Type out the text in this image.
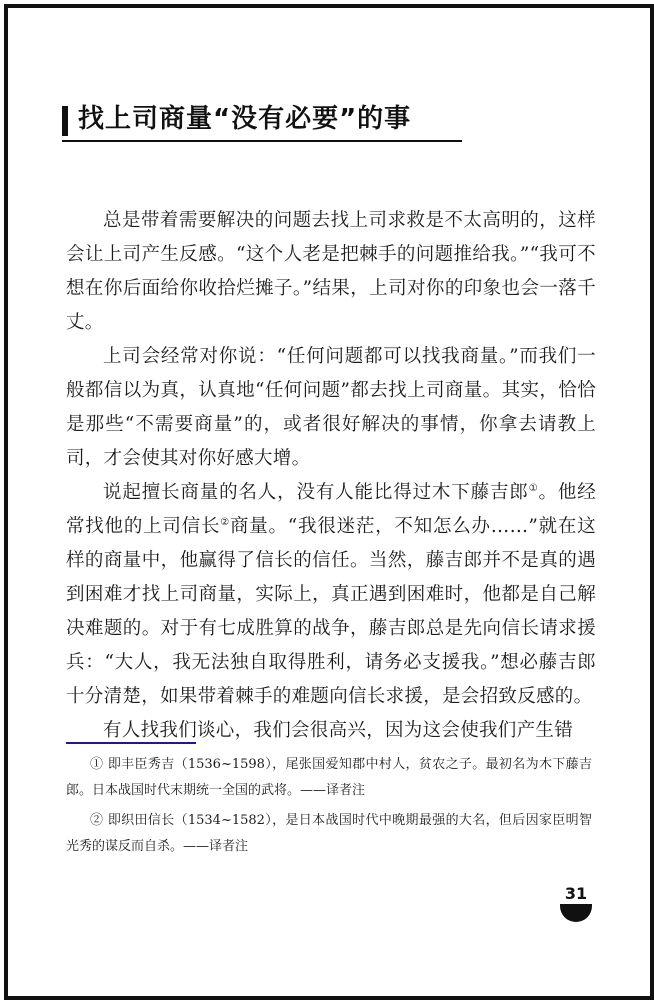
找上司商量“没有必要”的事

总是带着需要解决的问题去找上司求救是不太高明的，这样会让上司产生反感。“这个人老是把棘手的问题推给我。”“我可不想在你后面给你收拾烂摊子。”结果，上司对你的印象也会一落千丈。

上司会经常对你说：“任何问题都可以找我商量。”而我们一般都信以为真，认真地“任何问题”都去找上司商量。其实，恰恰是那些“不需要商量”的，或者很好解决的事情，你拿去请教上司，才会使其对你好感大增。

说起擅长商量的名人，没有人能比得过木下藤吉郎①。他经常找他的上司信长②商量。“我很迷茫，不知怎么办……”就在这样的商量中，他赢得了信长的信任。当然，藤吉郎并不是真的遇到困难才找上司商量，实际上，真正遇到困难时，他都是自己解决难题的。对于有七成胜算的战争，藤吉郎总是先向信长请求援兵：“大人，我无法独自取得胜利，请务必支援我。”想必藤吉郎十分清楚，如果带着棘手的难题向信长求援，是会招致反感的。

有人找我们谈心，我们会很高兴，因为这会使我们产生错

① 即丰臣秀吉（1536~1598），尾张国爱知郡中村人，贫农之子。最初名为木下藤吉郎。日本战国时代末期统一全国的武将。——译者注

② 即织田信长（1534~1582），是日本战国时代中晚期最强的大名，但后因家臣明智光秀的谋反而自杀。——译者注

31
